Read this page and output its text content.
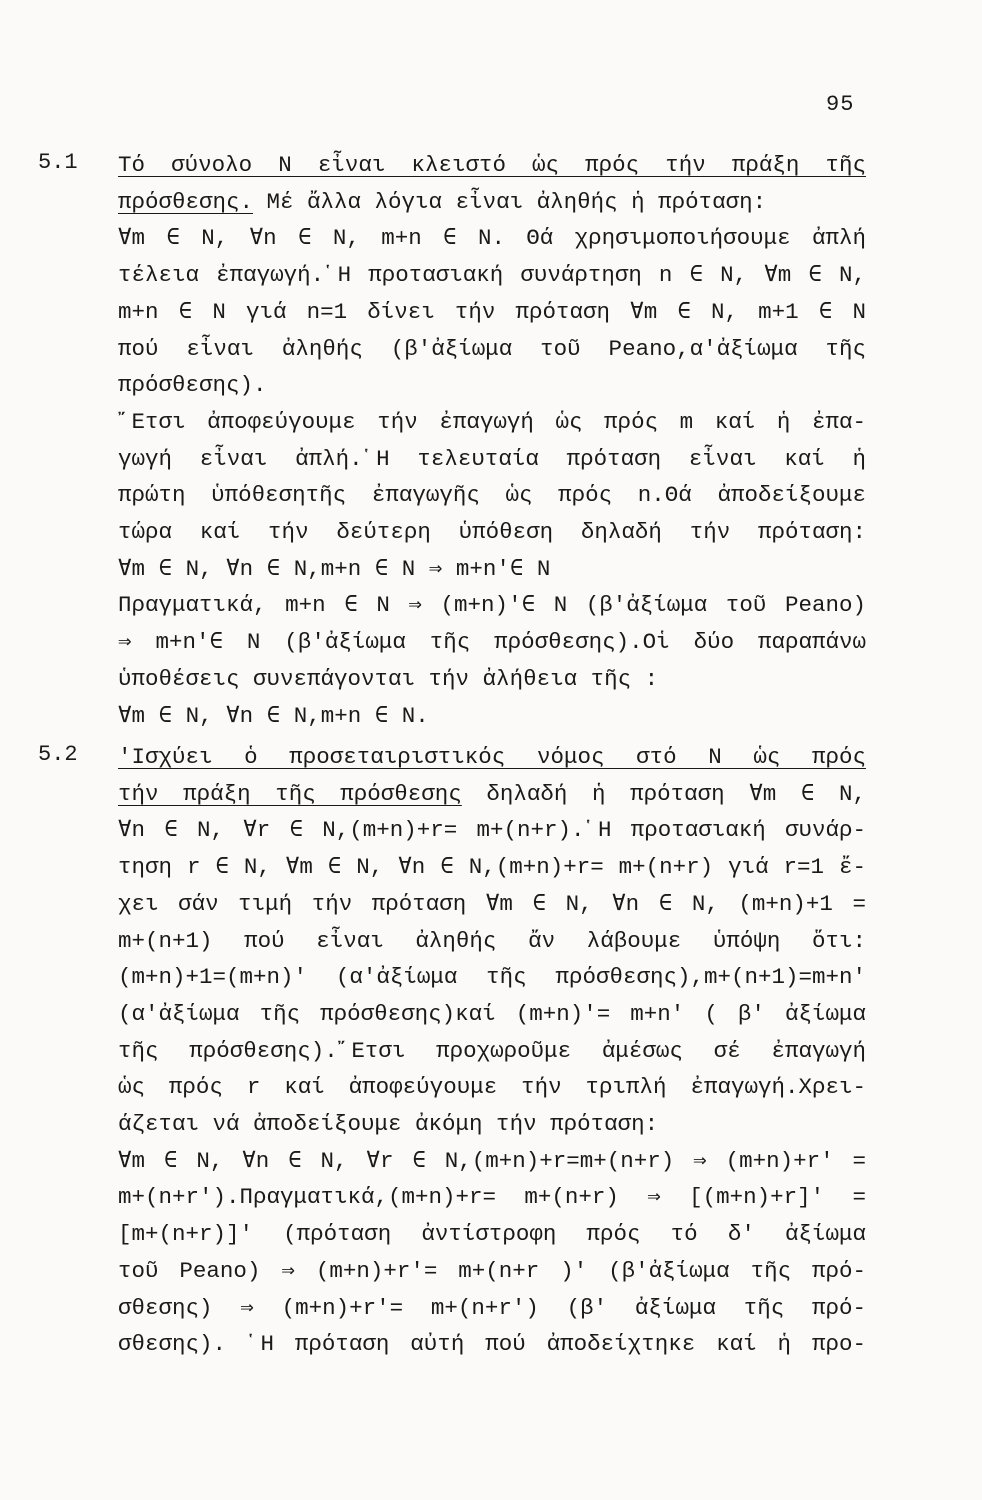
95
5.1 Τό σύνολο N εἶναι κλειστό ὡς πρός τήν πράξη τῆς
πρόσθεσης. Μέ ἄλλα λόγια εἶναι ἀληθής ἡ πρόταση:
∀m ∈ N, ∀n ∈ N, m+n ∈ N. Θά χρησιμοποιήσουμε ἀπλή
τέλεια ἐπαγωγή.῾Η προτασιακή συνάρτηση n ∈ N, ∀m ∈ N,
m+n ∈ N γιά n=1 δίνει τήν πρόταση ∀m ∈ N, m+1 ∈ N
πού εἶναι ἀληθής (β'ἀξίωμα τοῦ Peano,α'ἀξίωμα τῆς
πρόσθεσης).
῎Ετσι ἀποφεύγουμε τήν ἐπαγωγή ὡς πρός m καί ἡ ἐπα-
γωγή εἶναι ἀπλή.῾Η τελευταία πρόταση εἶναι καί ἡ
πρώτη ὑπόθεσητῆς ἐπαγωγῆς ὡς πρός n.Θά ἀποδείξουμε
τώρα καί τήν δεύτερη ὑπόθεση δηλαδή τήν πρόταση:
∀m ∈ N, ∀n ∈ N,m+n ∈ N ⇒ m+n′∈ N
Πραγματικά, m+n ∈ N ⇒ (m+n)′∈ N (β'ἀξίωμα τοῦ Peano)
⇒ m+n′∈ N (β'ἀξίωμα τῆς πρόσθεσης).Οἱ δύο παραπάνω
ὑποθέσεις συνεπάγονται τήν ἀλήθεια τῆς :
∀m ∈ N, ∀n ∈ N,m+n ∈ N.
5.2 'Ισχύει ὁ προσεταιριστικός νόμος στό N ὡς πρός
τήν πράξη τῆς πρόσθεσης δηλαδή ἡ πρόταση ∀m ∈ N,
∀n ∈ N, ∀r ∈ N,(m+n)+r= m+(n+r).῾Η προτασιακή συνάρ-
τηση r ∈ N, ∀m ∈ N, ∀n ∈ N,(m+n)+r= m+(n+r) γιά r=1 ἔ-
χει σάν τιμή τήν πρόταση ∀m ∈ N, ∀n ∈ N, (m+n)+1 =
m+(n+1) πού εἶναι ἀληθής ἄν λάβουμε ὑπόψη ὅτι:
(m+n)+1=(m+n)′ (α'ἀξίωμα τῆς πρόσθεσης),m+(n+1)=m+n′
(α'ἀξίωμα τῆς πρόσθεσης)καί (m+n)′= m+n′ ( β' ἀξίωμα
τῆς πρόσθεσης).῎Ετσι προχωροῦμε ἀμέσως σέ ἐπαγωγή
ὡς πρός r καί ἀποφεύγουμε τήν τριπλή ἐπαγωγή.Χρει-
άζεται νά ἀποδείξουμε ἀκόμη τήν πρόταση:
∀m ∈ N, ∀n ∈ N, ∀r ∈ N,(m+n)+r=m+(n+r) ⇒ (m+n)+r′ =
m+(n+r′).Πραγματικά,(m+n)+r= m+(n+r) ⇒ [(m+n)+r]′ =
[m+(n+r)]′ (πρόταση ἀντίστροφη πρός τό δ' ἀξίωμα
τοῦ Peano) ⇒ (m+n)+r′= m+(n+r )′ (β'ἀξίωμα τῆς πρό-
σθεσης) ⇒ (m+n)+r′= m+(n+r′) (β' ἀξίωμα τῆς πρό-
σθεσης). ῾Η πρόταση αὐτή πού ἀποδείχτηκε καί ἡ προ-
